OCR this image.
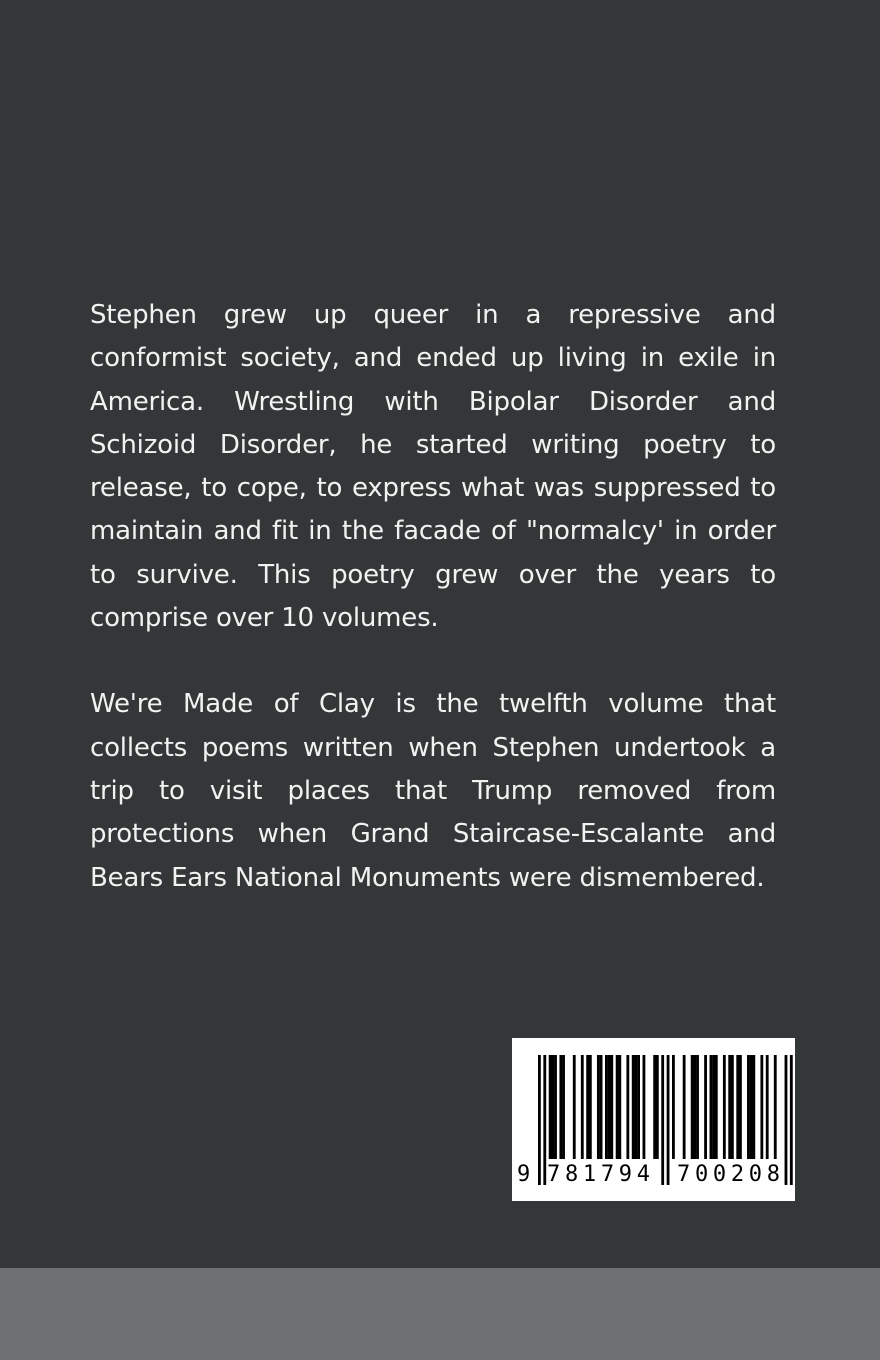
Stephen grew up queer in a repressive and conformist society, and ended up living in exile in America. Wrestling with Bipolar Disorder and Schizoid Disorder, he started writing poetry to release, to cope, to express what was suppressed to maintain and fit in the facade of "normalcy' in order to survive. This poetry grew over the years to comprise over 10 volumes.

We're Made of Clay is the twelfth volume that collects poems written when Stephen undertook a trip to visit places that Trump removed from protections when Grand Staircase-Escalante and Bears Ears National Monuments were dismembered.

9 781794 700208
